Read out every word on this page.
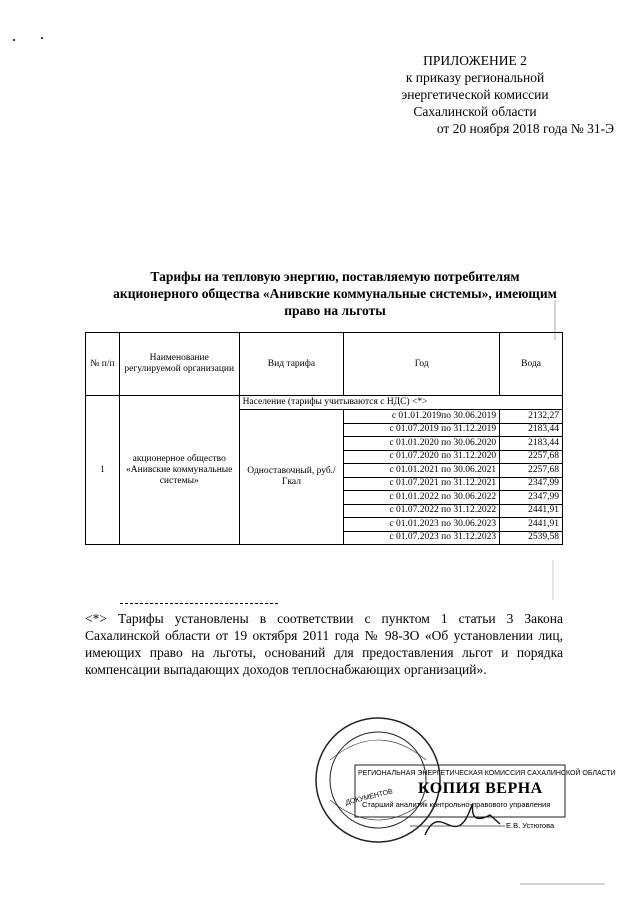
ПРИЛОЖЕНИЕ 2
к приказу региональной
энергетической комиссии
Сахалинской области
от 20 ноября 2018 года № 31-Э
Тарифы на тепловую энергию, поставляемую потребителям
акционерного общества «Анивские коммунальные системы», имеющим
право на льготы
№ п/п	Наименование регулируемой организации	Вид тарифа	Год	Вода
1	акционерное общество «Анивские коммунальные системы»	Население (тарифы учитываются с НДС) <*>		
		Одноставочный, руб./Гкал	с 01.01.2019по 30.06.2019	2132,27
			с 01.07.2019 по 31.12.2019	2183,44
			с 01.01.2020 по 30.06.2020	2183,44
			с 01.07.2020 по 31.12.2020	2257,68
			с 01.01.2021 по 30.06.2021	2257,68
			с 01.07.2021 по 31.12.2021	2347,99
			с 01.01.2022 по 30.06.2022	2347,99
			с 01.07.2022 по 31.12.2022	2441,91
			с 01.01.2023 по 30.06.2023	2441,91
			с 01.07.2023 по 31.12.2023	2539,58
<*> Тарифы установлены в соответствии с пунктом 1 статьи 3 Закона Сахалинской области от 19 октября 2011 года № 98-ЗО «Об установлении лиц, имеющих право на льготы, оснований для предоставления льгот и порядка компенсации выпадающих доходов теплоснабжающих организаций».
РЕГИОНАЛЬНАЯ ЭНЕРГЕТИЧЕСКАЯ КОМИССИЯ САХАЛИНСКОЙ ОБЛАСТИ
КОПИЯ ВЕРНА
Старший аналитик контрольно-правового управления
Е.В. Устюгова
ДОКУМЕНТОВ
